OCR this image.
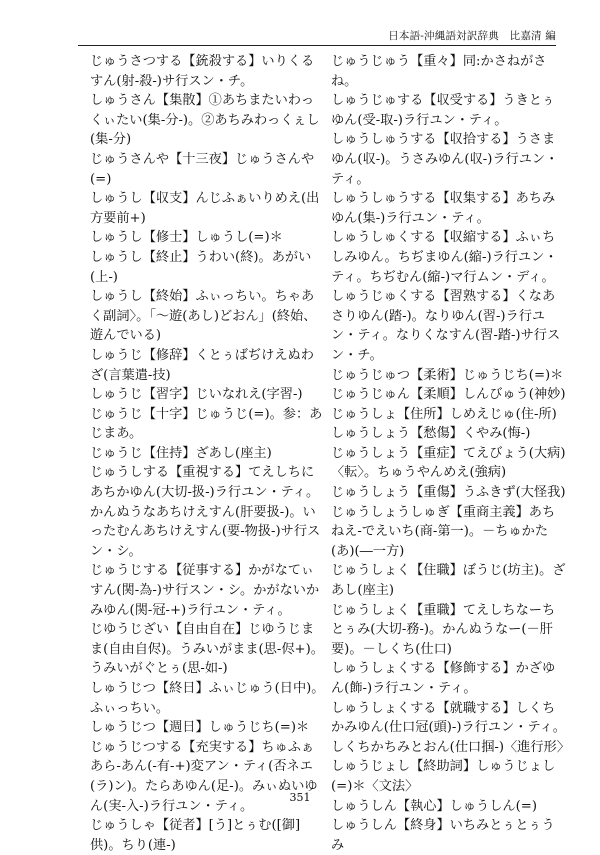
日本語-沖縄語対訳辞典　比嘉清 編

じゅうさつする【銃殺する】いりくるすん(射-殺-)サ行スン・チ。

しゅうさん【集散】①あちまたいわっくぃたい(集-分-)。②あちみわっくぇし(集-分)

じゅうさんや【十三夜】じゅうさんや(=)

しゅうし【収支】んじふぁいりめえ(出方要前+)

しゅうし【修士】しゅうし(=)＊

しゅうし【終止】うわい(終)。あがい(上-)

しゅうし【終始】ふぃっちい。ちゃあく副詞〉。「～遊(あし)どおん」(終始、遊んでいる)

しゅうじ【修辞】くとぅばぢけえぬわざ(言葉遣-技)

しゅうじ【習字】じいなれえ(字習-)

じゅうじ【十字】じゅうじ(=)。参：あじまあ。

じゅうじ【住持】ざあし(座主)

じゅうしする【重視する】てえしちにあちかゆん(大切-扱-)ラ行ユン・ティ。かんぬうなあちけえすん(肝要扱-)。いったむんあちけえすん(要-物扱-)サ行スン・シ。

じゅうじする【従事する】かがなてぃすん(関-為-)サ行スン・シ。かがないかみゆん(関-冠-+)ラ行ユン・ティ。

じゆうじざい【自由自在】じゆうじまま(自由自侭)。うみいがまま(思-侭+)。うみいがぐとぅ(思-如-)

しゅうじつ【終日】ふぃじゅう(日中)。ふぃっちい。

しゅうじつ【週日】しゅうじち(=)＊

じゅうじつする【充実する】ちゅふぁあら-あん(-有-+)変アン・ティ(否ネエ(ラ)ン)。たらあゆん(足-)。みぃぬいゆん(実-入-)ラ行ユン・ティ。

じゅうしゃ【従者】[う]とぅむ([御]供)。ちり(連-)

じゅうじゅう【重々】同:かさねがさね。

しゅうじゅする【収受する】うきとぅゆん(受-取-)ラ行ユン・ティ。

しゅうしゅうする【収拾する】うさまゆん(収-)。うさみゆん(収-)ラ行ユン・ティ。

しゅうしゅうする【収集する】あちみゆん(集-)ラ行ユン・ティ。

しゅうしゅくする【収縮する】ふぃちしみゆん。ちぢまゆん(縮-)ラ行ユン・ティ。ちぢむん(縮-)マ行ムン・ディ。

しゅうじゅくする【習熟する】くなあさりゆん(踏-)。なりゆん(習-)ラ行ユン・ティ。なりくなすん(習-踏-)サ行スン・チ。

じゅうじゅつ【柔術】じゅうじち(=)＊

じゅうじゅん【柔順】しんびゅう(神妙)

じゅうしょ【住所】しめえじゅ(住-所)

しゅうしょう【愁傷】くやみ(悔-)

じゅうしょう【重症】てえびょう(大病)〈転〉。ちゅうやんめえ(強病)

じゅうしょう【重傷】うふきず(大怪我)

じゅうしょうしゅぎ【重商主義】あちねえ-でえいち(商-第一)。－ちゅかた(あ)(―一方)

じゅうしょく【住職】ぼうじ(坊主)。ざあし(座主)

じゅうしょく【重職】てえしちなーちとぅみ(大切-務-)。かんぬうなー(－肝要)。－しくち(仕口)

しゅうしょくする【修飾する】かざゆん(飾-)ラ行ユン・ティ。

しゅうしょくする【就職する】しくちかみゆん(仕口冠(頭)-)ラ行ユン・ティ。しくちかちみとおん(仕口掴-)〈進行形〉

しゅうじょし【終助詞】しゅうじょし(=)＊〈文法〉

しゅうしん【執心】しゅうしん(=)

しゅうしん【終身】いちみとぅとぅうみ

351
